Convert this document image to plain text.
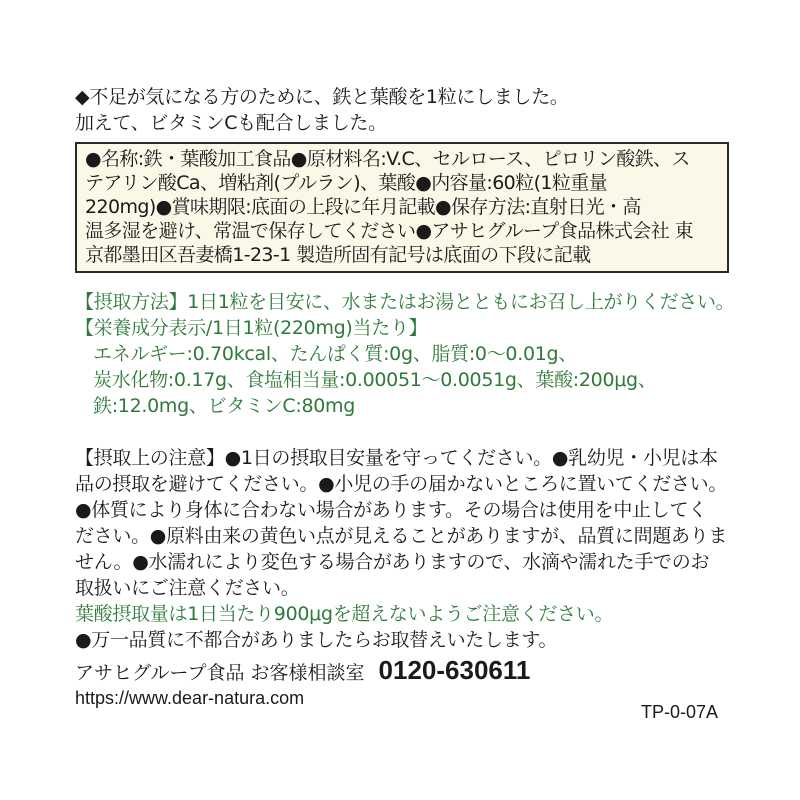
◆不足が気になる方のために、鉄と葉酸を1粒にしました。
加えて、ビタミンCも配合しました。
●名称:鉄・葉酸加工食品●原材料名:V.C、セルロース、ピロリン酸鉄、ス
テアリン酸Ca、増粘剤(プルラン)、葉酸●内容量:60粒(1粒重量
220mg)●賞味期限:底面の上段に年月記載●保存方法:直射日光・高
温多湿を避け、常温で保存してください●アサヒグループ食品株式会社 東
京都墨田区吾妻橋1-23-1 製造所固有記号は底面の下段に記載
【摂取方法】1日1粒を目安に、水またはお湯とともにお召し上がりください。
【栄養成分表示/1日1粒(220mg)当たり】
エネルギー:0.70kcal、たんぱく質:0g、脂質:0～0.01g、
炭水化物:0.17g、食塩相当量:0.00051～0.0051g、葉酸:200μg、
鉄:12.0mg、ビタミンC:80mg
【摂取上の注意】●1日の摂取目安量を守ってください。●乳幼児・小児は本
品の摂取を避けてください。●小児の手の届かないところに置いてください。
●体質により身体に合わない場合があります。その場合は使用を中止してく
ださい。●原料由来の黄色い点が見えることがありますが、品質に問題ありま
せん。●水濡れにより変色する場合がありますので、水滴や濡れた手でのお
取扱いにご注意ください。
葉酸摂取量は1日当たり900μgを超えないようご注意ください。
●万一品質に不都合がありましたらお取替えいたします。
アサヒグループ食品 お客様相談室 0120-630611
https://www.dear-natura.com
TP-0-07A
